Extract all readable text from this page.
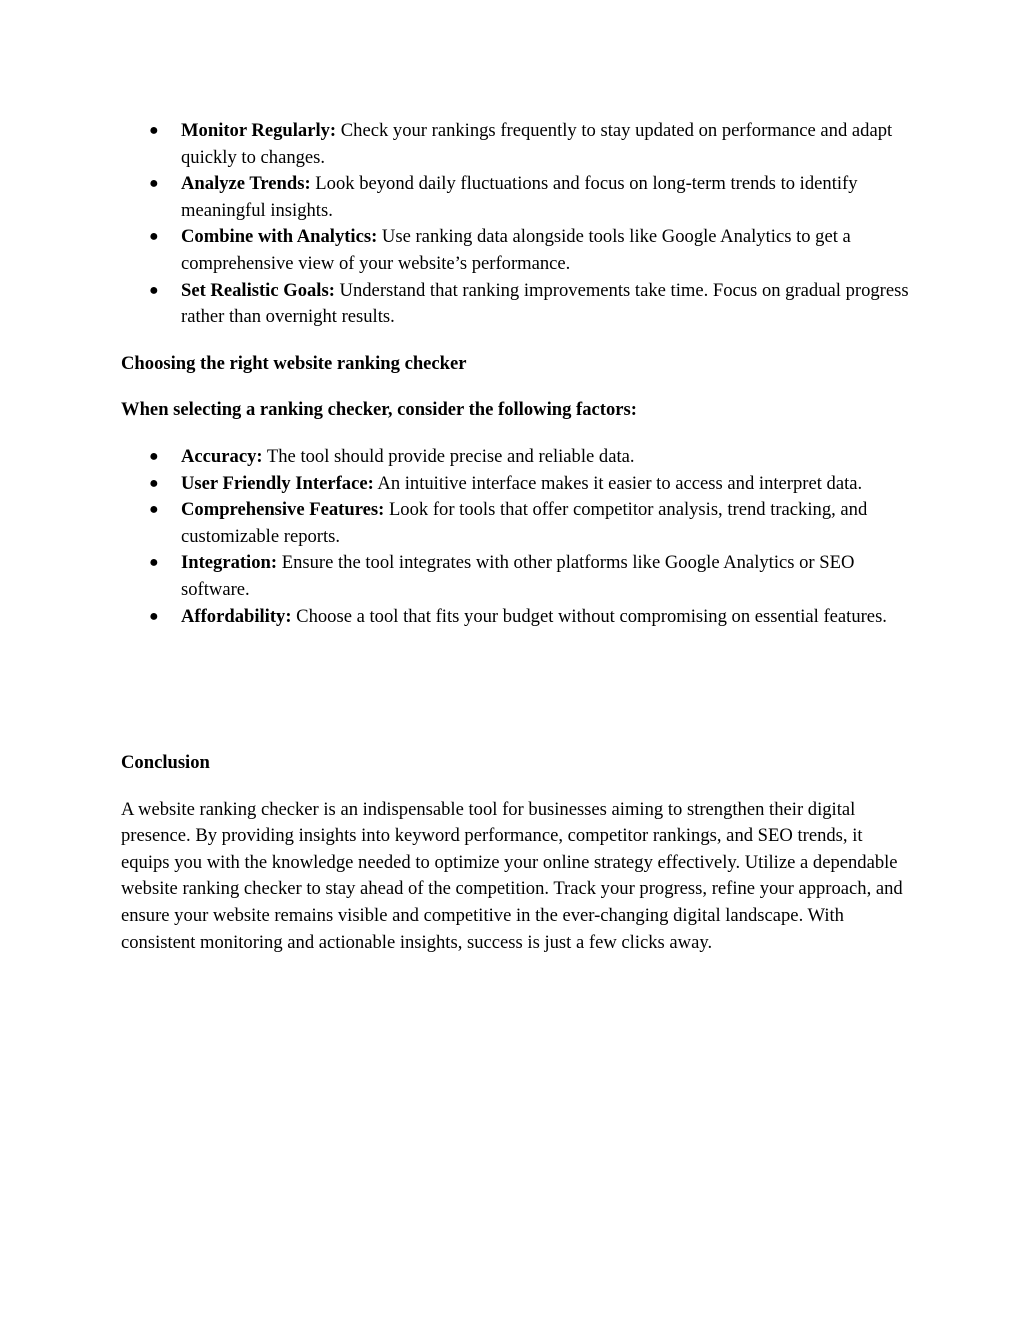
● Monitor Regularly: Check your rankings frequently to stay updated on performance and adapt quickly to changes.
● Analyze Trends: Look beyond daily fluctuations and focus on long-term trends to identify meaningful insights.
● Combine with Analytics: Use ranking data alongside tools like Google Analytics to get a comprehensive view of your website’s performance.
● Set Realistic Goals: Understand that ranking improvements take time. Focus on gradual progress rather than overnight results.

Choosing the right website ranking checker

When selecting a ranking checker, consider the following factors:

● Accuracy: The tool should provide precise and reliable data.
● User Friendly Interface: An intuitive interface makes it easier to access and interpret data.
● Comprehensive Features: Look for tools that offer competitor analysis, trend tracking, and customizable reports.
● Integration: Ensure the tool integrates with other platforms like Google Analytics or SEO software.
● Affordability: Choose a tool that fits your budget without compromising on essential features.

Conclusion

A website ranking checker is an indispensable tool for businesses aiming to strengthen their digital presence. By providing insights into keyword performance, competitor rankings, and SEO trends, it equips you with the knowledge needed to optimize your online strategy effectively. Utilize a dependable website ranking checker to stay ahead of the competition. Track your progress, refine your approach, and ensure your website remains visible and competitive in the ever-changing digital landscape. With consistent monitoring and actionable insights, success is just a few clicks away.
